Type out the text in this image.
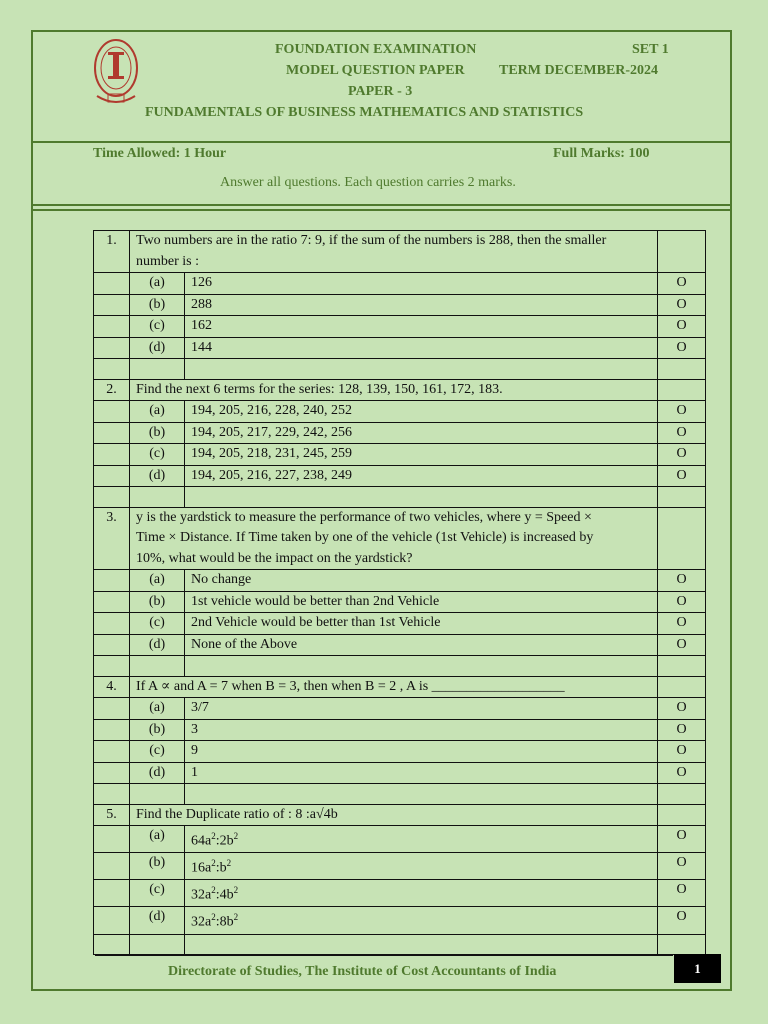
FOUNDATION EXAMINATION	SET 1
MODEL QUESTION PAPER TERM DECEMBER-2024
PAPER - 3
FUNDAMENTALS OF BUSINESS MATHEMATICS AND STATISTICS
Time Allowed: 1 Hour	Full Marks: 100
Answer all questions. Each question carries 2 marks.
1.	Two numbers are in the ratio 7: 9, if the sum of the numbers is 288, then the smaller
number is :		

	(a)	126	O
	(b)	288	O
	(c)	162	O
	(d)	144	O

2.	Find the next 6 terms for the series: 128, 139, 150, 161, 172, 183.		

	(a)	194, 205, 216, 228, 240, 252	O
	(b)	194, 205, 217, 229, 242, 256	O
	(c)	194, 205, 218, 231, 245, 259	O
	(d)	194, 205, 216, 227, 238, 249	O

3.	y is the yardstick to measure the performance of two vehicles, where y = Speed ×
Time × Distance. If Time taken by one of the vehicle (1st Vehicle) is increased by
10%, what would be the impact on the yardstick?		

	(a)	No change	O
	(b)	1st vehicle would be better than 2nd Vehicle	O
	(c)	2nd Vehicle would be better than 1st Vehicle	O
	(d)	None of the Above	O

4.	If A ∝ and A = 7 when B = 3, then when B = 2 , A is ___________________		

	(a)	3/7	O
	(b)	3	O
	(c)	9	O
	(d)	1	O

5.	Find the Duplicate ratio of : 8 :a√4b		

	(a)	$64a^2:2b^2$	O
	(b)	$16a^2:b^2$	O
	(c)	$32a^2:4b^2$	O
	(d)	$32a^2:8b^2$	O

Directorate of Studies, The Institute of Cost Accountants of India	1
